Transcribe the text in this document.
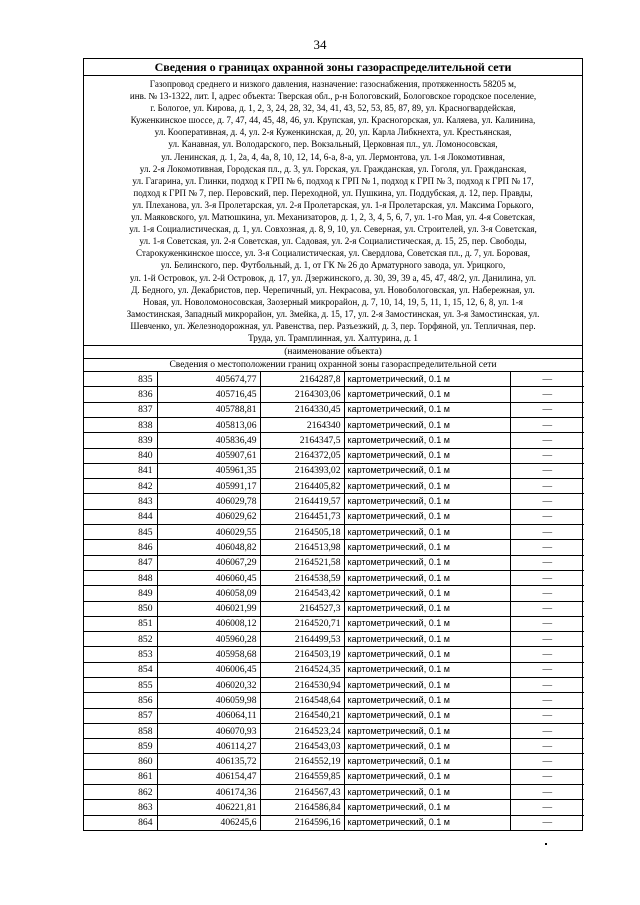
34
Сведения о границах охранной зоны газораспределительной сети
Газопровод среднего и низкого давления, назначение: газоснабжения, протяженность 58205 м,
инв. № 13-1322, лит. I, адрес объекта: Тверская обл., р-н Бологовский, Бологовское городское поселение,
г. Бологое, ул. Кирова, д. 1, 2, 3, 24, 28, 32, 34, 41, 43, 52, 53, 85, 87, 89, ул. Красногвардейская,
Куженкинское шоссе, д. 7, 47, 44, 45, 48, 46, ул. Крупская, ул. Красногорская, ул. Каляева, ул. Калинина,
ул. Кооперативная, д. 4, ул. 2-я Куженкинская, д. 20, ул. Карла Либкнехта, ул. Крестьянская,
ул. Канавная, ул. Володарского, пер. Вокзальный, Церковная пл., ул. Ломоносовская,
ул. Ленинская, д. 1, 2а, 4, 4а, 8, 10, 12, 14, 6-а, 8-а, ул. Лермонтова, ул. 1-я Локомотивная,
ул. 2-я Локомотивная, Городская пл., д. 3, ул. Горская, ул. Гражданская, ул. Гоголя, ул. Гражданская,
ул. Гагарина, ул. Глинки, подход к ГРП № 6, подход к ГРП № 1, подход к ГРП № 3, подход к ГРП № 17,
подход к ГРП № 7, пер. Перовский, пер. Переходной, ул. Пушкина, ул. Поддубская, д. 12, пер. Правды,
ул. Плеханова, ул. 3-я Пролетарская, ул. 2-я Пролетарская, ул. 1-я Пролетарская, ул. Максима Горького,
ул. Маяковского, ул. Матюшкина, ул. Механизаторов, д. 1, 2, 3, 4, 5, 6, 7, ул. 1-го Мая, ул. 4-я Советская,
ул. 1-я Социалистическая, д. 1, ул. Совхозная, д. 8, 9, 10, ул. Северная, ул. Строителей, ул. 3-я Советская,
ул. 1-я Советская, ул. 2-я Советская, ул. Садовая, ул. 2-я Социалистическая, д. 15, 25, пер. Свободы,
Старокуженкинское шоссе, ул. 3-я Социалистическая, ул. Свердлова, Советская пл., д. 7, ул. Боровая,
ул. Белинского, пер. Футбольный, д. 1, от ГК № 26 до Арматурного завода, ул. Урицкого,
ул. 1-й Островок, ул. 2-й Островок, д. 17, ул. Дзержинского, д. 30, 39, 39 а, 45, 47, 48/2, ул. Данилина, ул.
Д. Бедного, ул. Декабристов, пер. Черепичный, ул. Некрасова, ул. Новобологовская, ул. Набережная, ул.
Новая, ул. Новоломоносовская, Заозерный микрорайон, д. 7, 10, 14, 19, 5, 11, 1, 15, 12, 6, 8, ул. 1-я
Замостинская, Западный микрорайон, ул. Змейка, д. 15, 17, ул. 2-я Замостинская, ул. 3-я Замостинская, ул.
Шевченко, ул. Железнодорожная, ул. Равенства, пер. Разъезжий, д. 3, пер. Торфяной, ул. Тепличная, пер.
Труда, ул. Трамплинная, ул. Халтурина, д. 1
(наименование объекта)
Сведения о местоположении границ охранной зоны газораспределительной сети
835	405674,77	2164287,8	картометрический, 0.1 м	—
836	405716,45	2164303,06	картометрический, 0.1 м	—
837	405788,81	2164330,45	картометрический, 0.1 м	—
838	405813,06	2164340	картометрический, 0.1 м	—
839	405836,49	2164347,5	картометрический, 0.1 м	—
840	405907,61	2164372,05	картометрический, 0.1 м	—
841	405961,35	2164393,02	картометрический, 0.1 м	—
842	405991,17	2164405,82	картометрический, 0.1 м	—
843	406029,78	2164419,57	картометрический, 0.1 м	—
844	406029,62	2164451,73	картометрический, 0.1 м	—
845	406029,55	2164505,18	картометрический, 0.1 м	—
846	406048,82	2164513,98	картометрический, 0.1 м	—
847	406067,29	2164521,58	картометрический, 0.1 м	—
848	406060,45	2164538,59	картометрический, 0.1 м	—
849	406058,09	2164543,42	картометрический, 0.1 м	—
850	406021,99	2164527,3	картометрический, 0.1 м	—
851	406008,12	2164520,71	картометрический, 0.1 м	—
852	405960,28	2164499,53	картометрический, 0.1 м	—
853	405958,68	2164503,19	картометрический, 0.1 м	—
854	406006,45	2164524,35	картометрический, 0.1 м	—
855	406020,32	2164530,94	картометрический, 0.1 м	—
856	406059,98	2164548,64	картометрический, 0.1 м	—
857	406064,11	2164540,21	картометрический, 0.1 м	—
858	406070,93	2164523,24	картометрический, 0.1 м	—
859	406114,27	2164543,03	картометрический, 0.1 м	—
860	406135,72	2164552,19	картометрический, 0.1 м	—
861	406154,47	2164559,85	картометрический, 0.1 м	—
862	406174,36	2164567,43	картометрический, 0.1 м	—
863	406221,81	2164586,84	картометрический, 0.1 м	—
864	406245,6	2164596,16	картометрический, 0.1 м	—
